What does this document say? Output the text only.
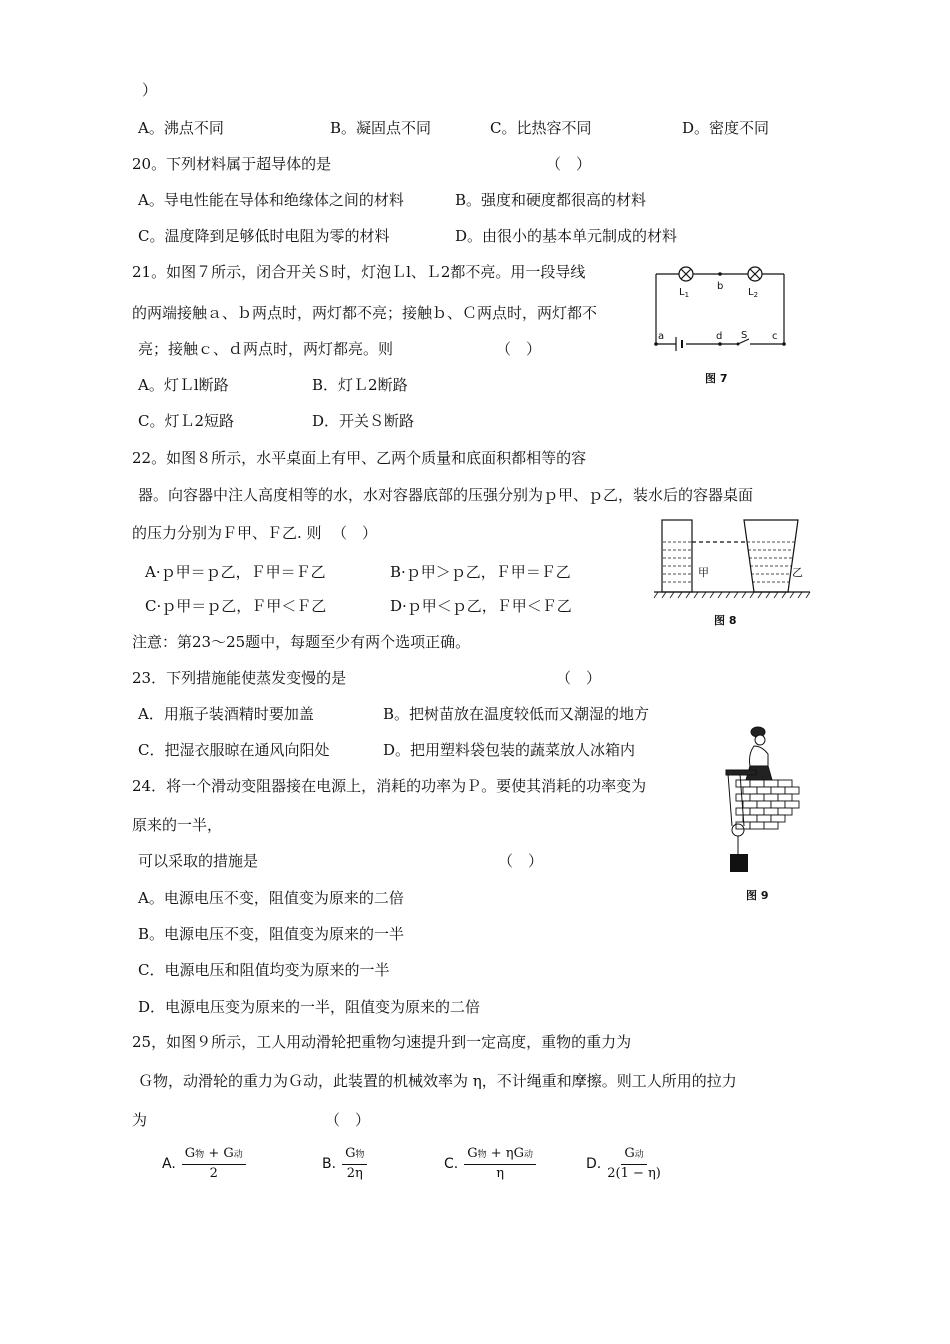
）
A。沸点不同	B。凝固点不同	C。比热容不同	D。密度不同
20。下列材料属于超导体的是	（　）
A。导电性能在导体和绝缘体之间的材料	B。强度和硬度都很高的材料
C。温度降到足够低时电阻为零的材料	D。由很小的基本单元制成的材料
21。如图７所示，闭合开关Ｓ时，灯泡Ｌl、Ｌ2都不亮。用一段导线
的两端接触ａ、ｂ两点时，两灯都不亮；接触ｂ、Ｃ两点时，两灯都不
亮；接触ｃ、ｄ两点时，两灯都亮。则	（　）
A。灯Ｌl断路	B．灯Ｌ2断路
C。灯Ｌ2短路	D．开关Ｓ断路
$L_1$	$L_2$
b
a	d S c
图 7
22。如图８所示，水平桌面上有甲、乙两个质量和底面积都相等的容
器。向容器中注人高度相等的水，水对容器底部的压强分别为ｐ甲、ｐ乙，装水后的容器桌面
的压力分别为Ｆ甲、Ｆ乙. 则 （　）
A·ｐ甲＝ｐ乙，Ｆ甲＝Ｆ乙	B·ｐ甲＞ｐ乙，Ｆ甲＝Ｆ乙
C·ｐ甲＝ｐ乙，Ｆ甲＜Ｆ乙	D·ｐ甲＜ｐ乙，Ｆ甲＜Ｆ乙
甲	乙
图 8
注意：第23～25题中，每题至少有两个选项正确。
23．下列措施能使蒸发变慢的是	（　）
A．用瓶子装酒精时要加盖	B。把树苗放在温度较低而又潮湿的地方
C．把湿衣服晾在通风向阳处	D。把用塑料袋包装的蔬菜放人冰箱内
图 9
24．将一个滑动变阻器接在电源上，消耗的功率为Ｐ。要使其消耗的功率变为
原来的一半，
可以采取的措施是	（　）
A。电源电压不变，阻值变为原来的二倍
B。电源电压不变，阻值变为原来的一半
C．电源电压和阻值均变为原来的一半
D．电源电压变为原来的一半，阻值变为原来的二倍
25，如图９所示，工人用动滑轮把重物匀速提升到一定高度，重物的重力为
Ｇ物，动滑轮的重力为Ｇ动，此装置的机械效率为 η，不计绳重和摩擦。则工人所用的拉力
为	（　）
A. $\frac{\text{G物 + G动}}{2}$	B. $\frac{\text{G物}}{2\eta}$	C. $\frac{\text{G物 + ηG动}}{\eta}$	D. $\frac{\text{G动}}{2(1 - \eta)}$
